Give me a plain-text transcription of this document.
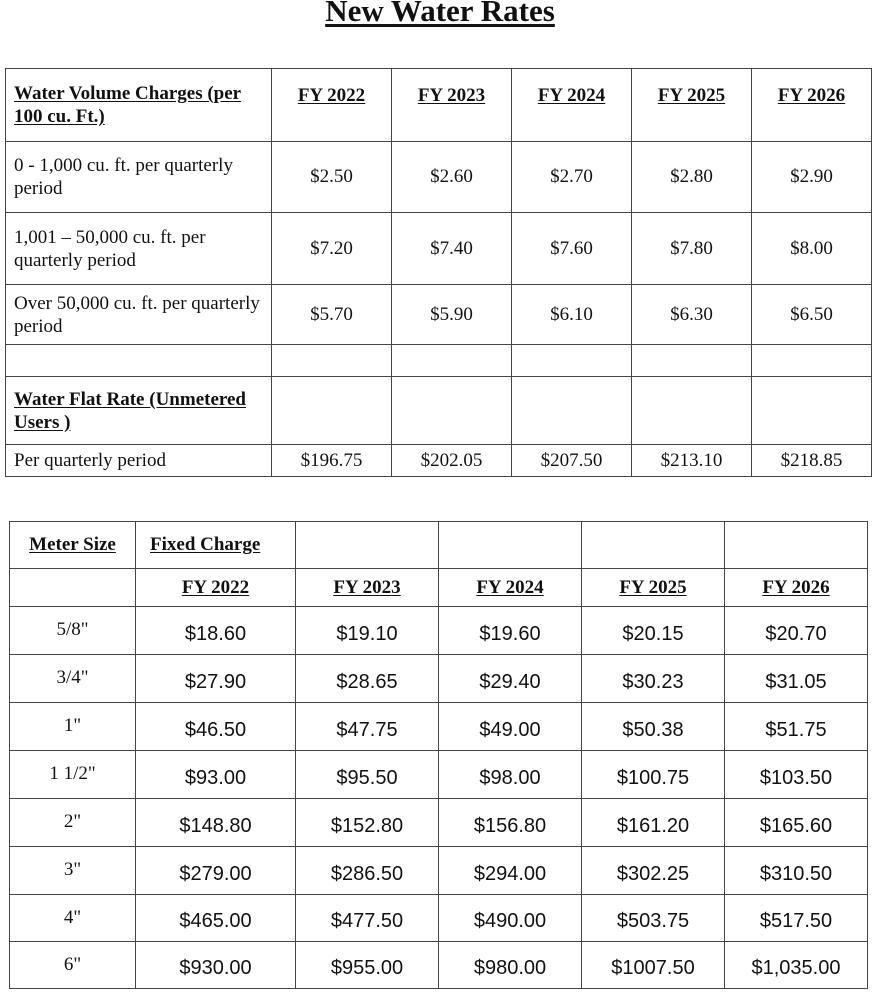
New Water Rates
Water Volume Charges (per 100 cu. Ft.)	FY 2022	FY 2023	FY 2024	FY 2025	FY 2026
0 - 1,000 cu. ft. per quarterly period	$2.50	$2.60	$2.70	$2.80	$2.90
1,001 – 50,000 cu. ft. per quarterly period	$7.20	$7.40	$7.60	$7.80	$8.00
Over 50,000 cu. ft. per quarterly period	$5.70	$5.90	$6.10	$6.30	$6.50

Water Flat Rate (Unmetered Users )					
Per quarterly period	$196.75	$202.05	$207.50	$213.10	$218.85
Meter Size	Fixed Charge				
	FY 2022	FY 2023	FY 2024	FY 2025	FY 2026
5/8"	$18.60	$19.10	$19.60	$20.15	$20.70
3/4"	$27.90	$28.65	$29.40	$30.23	$31.05
1"	$46.50	$47.75	$49.00	$50.38	$51.75
1 1/2"	$93.00	$95.50	$98.00	$100.75	$103.50
2"	$148.80	$152.80	$156.80	$161.20	$165.60
3"	$279.00	$286.50	$294.00	$302.25	$310.50
4"	$465.00	$477.50	$490.00	$503.75	$517.50
6"	$930.00	$955.00	$980.00	$1007.50	$1,035.00
